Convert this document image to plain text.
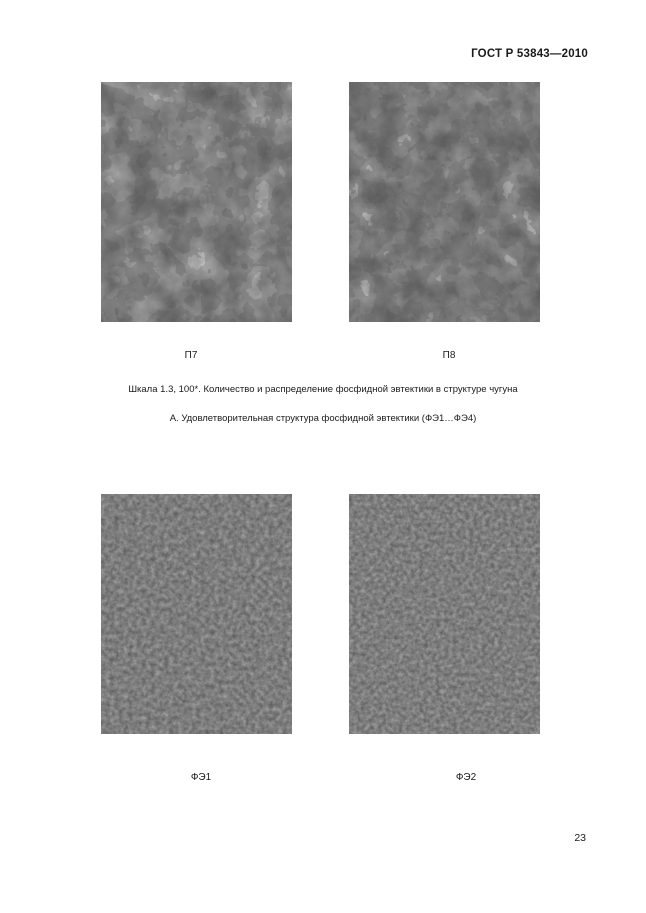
ГОСТ Р 53843—2010
П7	П8
Шкала 1.3, 100*. Количество и распределение фосфидной эвтектики в структуре чугуна
А. Удовлетворительная структура фосфидной эвтектики (ФЭ1…ФЭ4)
ФЭ1	ФЭ2
23
